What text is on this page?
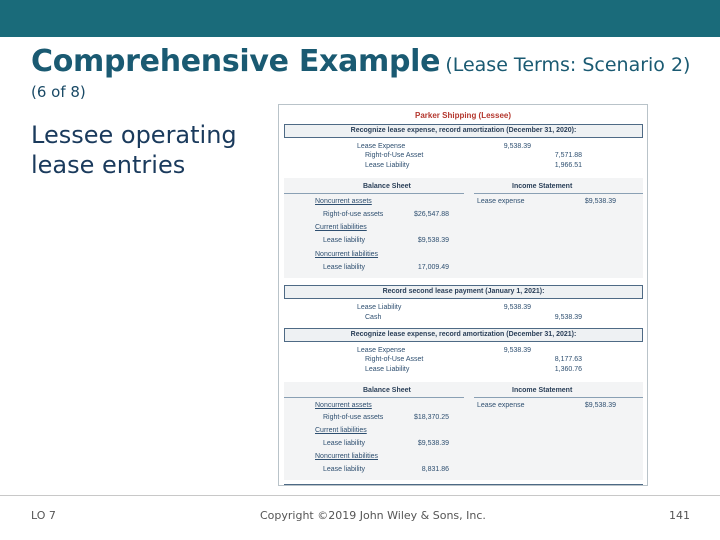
Comprehensive Example (Lease Terms: Scenario 2)
(6 of 8)
Lessee operating lease entries
Parker Shipping (Lessee)
Recognize lease expense, record amortization (December 31, 2020):
Lease Expense	9,538.39
Right-of-Use Asset	7,571.88
Lease Liability	1,966.51
Balance Sheet	Income Statement
Noncurrent assets
Right-of-use assets	$26,547.88
Current liabilities
Lease liability	$9,538.39
Noncurrent liabilities
Lease liability	17,009.49
Lease expense	$9,538.39
Record second lease payment (January 1, 2021):
Lease Liability	9,538.39
Cash	9,538.39
Recognize lease expense, record amortization (December 31, 2021):
Lease Expense	9,538.39
Right-of-Use Asset	8,177.63
Lease Liability	1,360.76
Balance Sheet	Income Statement
Noncurrent assets
Right-of-use assets	$18,370.25
Current liabilities
Lease liability	$9,538.39
Noncurrent liabilities
Lease liability	8,831.86
Lease expense	$9,538.39
LO 7	Copyright ©2019 John Wiley & Sons, Inc.	141
